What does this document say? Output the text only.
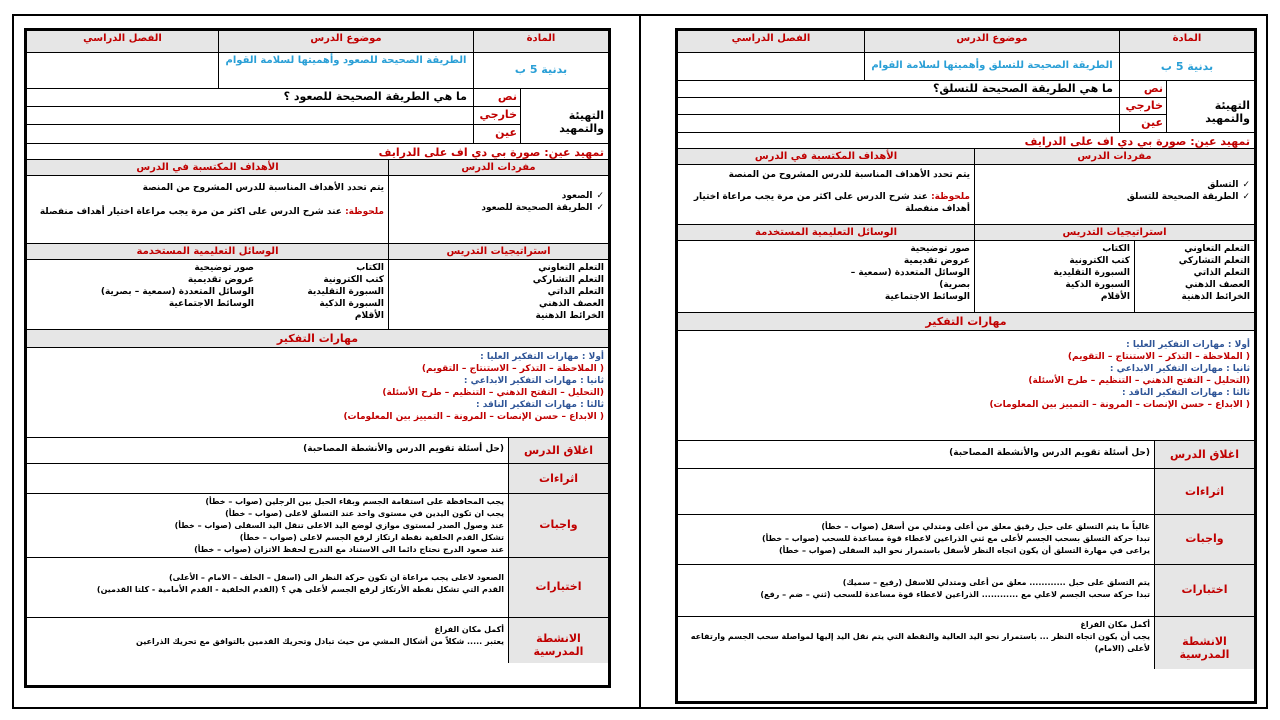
المادة
موضوع الدرس
الفصل الدراسي
بدنية 5 ب
الطريقة الصحيحة للصعود وأهميتها لسلامة القوام
التهيئة والتمهيد
نص
ما هي الطريقة الصحيحة للصعود ؟
خارجي
عين
تمهيد عين: صورة بي دي اف على الدرايف
مفردات الدرس
الأهداف المكتسبة في الدرس
✓ الصعود
✓ الطريقة الصحيحة للصعود
يتم تحدد الأهداف المناسبة للدرس المشروح من المنصة
ملحوظة: عند شرح الدرس على اكثر من مرة يجب مراعاة اختيار أهداف منفصلة
استراتيجيات التدريس
الوسائل التعليمية المستخدمة
التعلم التعاوني
التعلم التشاركي
التعلم الذاتي
العصف الذهني
الخرائط الذهنية
الكتاب
كتب الكترونية
السبورة التقليدية
السبورة الذكية
الأقلام
صور توضيحية
عروض تقديمية
الوسائل المتعددة (سمعية – بصرية)
الوسائط الاجتماعية
مهارات التفكير
أولا : مهارات التفكير العليا :
( الملاحظة – التذكر – الاستنتاج – التقويم)
ثانيا : مهارات التفكير الابداعي :
(التحليل – التفتح الذهني – التنظيم – طرح الأسئلة)
ثالثا : مهارات التفكير الناقد :
( الابداع – حسن الإنصات – المرونة – التمييز بين المعلومات)
اغلاق الدرس
(حل أسئلة تقويم الدرس والأنشطة المصاحبة)
اثراءات
واجبات
يجب المحافظة على استقامة الجسم وبقاء الحبل بين الرجلين (صواب – خطأ)
يجب ان تكون اليدين في مستوى واحد عند التسلق لاعلى (صواب – خطأ)
عند وصول الصدر لمستوى موازي لوضع اليد الاعلى تنقل اليد السفلى (صواب – خطأ)
تشكل القدم الخلفية نقطة ارتكاز لرفع الجسم لاعلى (صواب – خطأ)
عند صعود الدرج نحتاج دائما الى الاستناد مع التدرج لحفظ الاتزان (صواب – خطأ)
اختبارات
الصعود لاعلى يجب مراعاة ان تكون حركة النظر الى (اسفل – الخلف – الامام – الأعلى)
القدم التي تشكل نقطة الأرتكاز لرفع الجسم لأعلى هي ؟ (القدم الخلفية - القدم الأمامية - كلتا القدمين)
الانشطة المدرسية
أكمل مكان الفراغ
يعتبر ..... شكلاً من أشكال المشي من حيث تبادل وتحريك القدمين بالتوافق مع تحريك الذراعين
المادة
موضوع الدرس
الفصل الدراسي
بدنية 5 ب
الطريقة الصحيحة للتسلق وأهميتها لسلامة القوام
التهيئة والتمهيد
نص
ما هي الطريقة الصحيحة للتسلق؟
خارجي
عين
تمهيد عين: صورة بي دي اف على الدرايف
مفردات الدرس
الأهداف المكتسبة في الدرس
✓ التسلق
✓ الطريقة الصحيحة للتسلق
يتم تحدد الأهداف المناسبة للدرس المشروح من المنصة
ملحوظة: عند شرح الدرس على اكثر من مرة يجب مراعاة اختيار أهداف منفصلة
استراتيجيات التدريس
الوسائل التعليمية المستخدمة
التعلم التعاوني
التعلم التشاركي
التعلم الذاتي
العصف الذهني
الخرائط الذهنية
الكتاب
كتب الكترونية
السبورة التقليدية
السبورة الذكية
الأقلام
صور توضيحية
عروض تقديمية
الوسائل المتعددة (سمعية – بصرية)
الوسائط الاجتماعية
مهارات التفكير
أولا : مهارات التفكير العليا :
( الملاحظة – التذكر – الاستنتاج – التقويم)
ثانيا : مهارات التفكير الابداعي :
(التحليل – التفتح الذهني – التنظيم – طرح الأسئلة)
ثالثا : مهارات التفكير الناقد :
( الابداع – حسن الإنصات – المرونة – التمييز بين المعلومات)
اغلاق الدرس
(حل أسئلة تقويم الدرس والأنشطة المصاحبة)
اثراءات
واجبات
غالباً ما يتم التسلق على حبل رقيق معلق من أعلى ومتدلي من أسفل (صواب – خطأ)
تبدا حركة التسلق بسحب الجسم لأعلى مع ثني الذراعين لاعطاء قوة مساعدة للسحب (صواب – خطأ)
يراعى في مهارة التسلق أن يكون اتجاه النظر لأسفل باستمرار نحو اليد السفلى (صواب – خطأ)
اختبارات
يتم التسلق على حبل ............ معلق من أعلى ومتدلي للاسفل (رفيع – سميك)
تبدا حركة سحب الجسم لاعلي مع ............ الذراعين لاعطاء قوة مساعدة للسحب (ثني – ضم – رفع)
الانشطة المدرسية
أكمل مكان الفراغ
يجب أن يكون اتجاه النظر ... باستمرار نحو اليد العالية والنقطة التي يتم نقل اليد إليها لمواصلة سحب الجسم وارتفاعه لأعلى (الامام)
